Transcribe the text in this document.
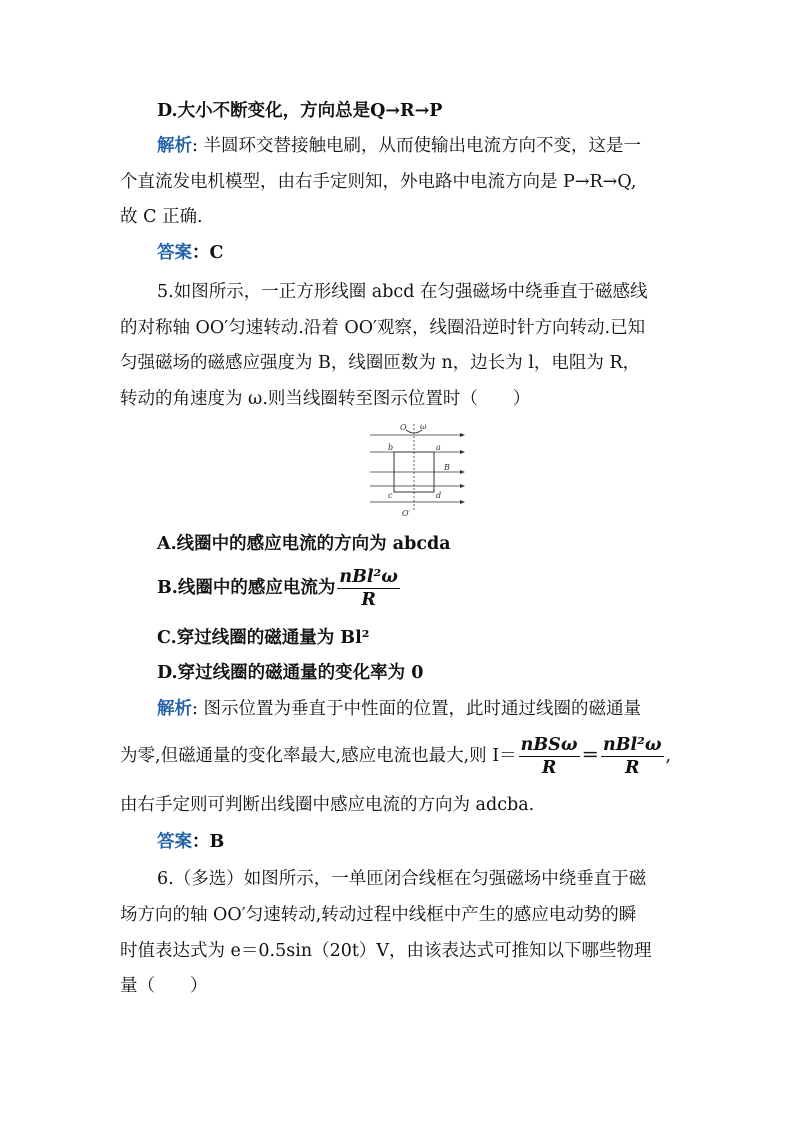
D.大小不断变化，方向总是Q→R→P
解析: 半圆环交替接触电刷，从而使输出电流方向不变，这是一
个直流发电机模型，由右手定则知，外电路中电流方向是 P→R→Q,
故 C 正确.
答案：C
5.如图所示，一正方形线圈 abcd 在匀强磁场中绕垂直于磁感线
的对称轴 OO′匀速转动.沿着 OO′观察，线圈沿逆时针方向转动.已知
匀强磁场的磁感应强度为 B，线圈匝数为 n，边长为 l，电阻为 R，
转动的角速度为 ω.则当线圈转至图示位置时（　　）
O ω
b	a
B
c	d
O′
A.线圈中的感应电流的方向为 abcda
B.线圈中的感应电流为 $\frac{\text{nBl²ω}}{R}$
C.穿过线圈的磁通量为 Bl²
D.穿过线圈的磁通量的变化率为 0
解析: 图示位置为垂直于中性面的位置，此时通过线圈的磁通量
为零,但磁通量的变化率最大,感应电流也最大,则 $I= \frac{\text{nBSω}}{R} = \frac{\text{nBl²ω}}{R}$ ,
由右手定则可判断出线圈中感应电流的方向为 adcba.
答案：B
6.（多选）如图所示，一单匝闭合线框在匀强磁场中绕垂直于磁
场方向的轴 OO′匀速转动,转动过程中线框中产生的感应电动势的瞬
时值表达式为 e＝0.5sin（20t）V，由该表达式可推知以下哪些物理
量（　　）
